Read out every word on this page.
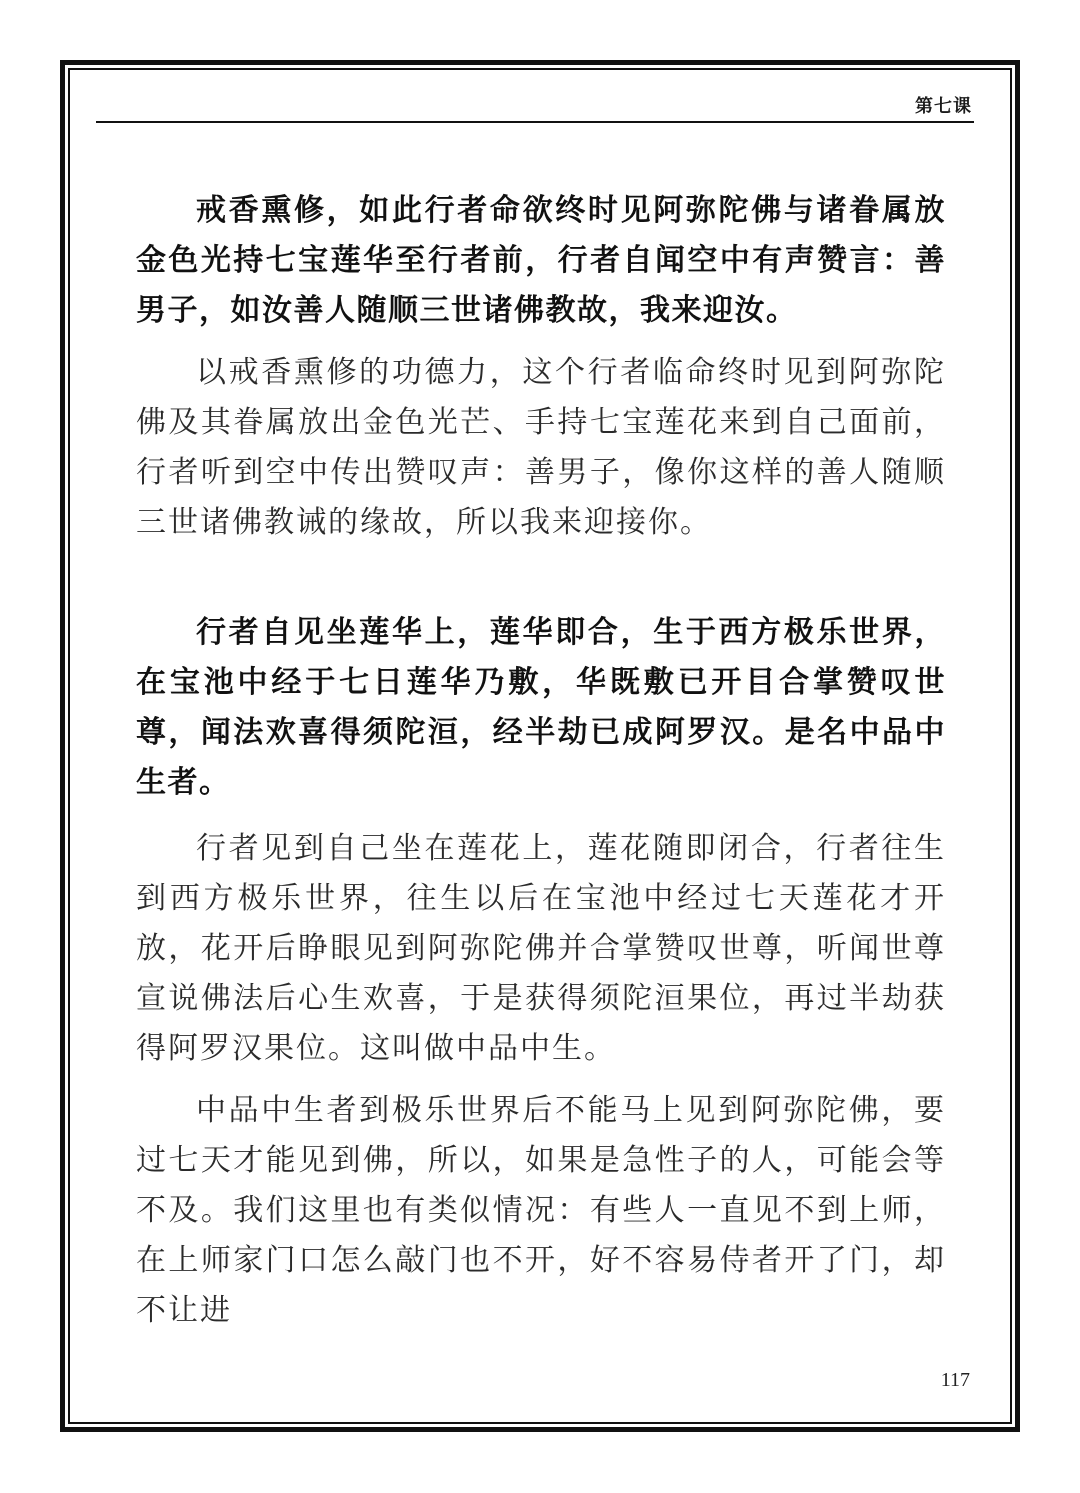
第七课

戒香熏修，如此行者命欲终时见阿弥陀佛与诸眷属放金色光持七宝莲华至行者前，行者自闻空中有声赞言：善男子，如汝善人随顺三世诸佛教故，我来迎汝。

以戒香熏修的功德力，这个行者临命终时见到阿弥陀佛及其眷属放出金色光芒、手持七宝莲花来到自己面前，行者听到空中传出赞叹声：善男子，像你这样的善人随顺三世诸佛教诫的缘故，所以我来迎接你。

行者自见坐莲华上，莲华即合，生于西方极乐世界，在宝池中经于七日莲华乃敷，华既敷已开目合掌赞叹世尊，闻法欢喜得须陀洹，经半劫已成阿罗汉。是名中品中生者。

行者见到自己坐在莲花上，莲花随即闭合，行者往生到西方极乐世界，往生以后在宝池中经过七天莲花才开放，花开后睁眼见到阿弥陀佛并合掌赞叹世尊，听闻世尊宣说佛法后心生欢喜，于是获得须陀洹果位，再过半劫获得阿罗汉果位。这叫做中品中生。

中品中生者到极乐世界后不能马上见到阿弥陀佛，要过七天才能见到佛，所以，如果是急性子的人，可能会等不及。我们这里也有类似情况：有些人一直见不到上师，在上师家门口怎么敲门也不开，好不容易侍者开了门，却不让进

117
